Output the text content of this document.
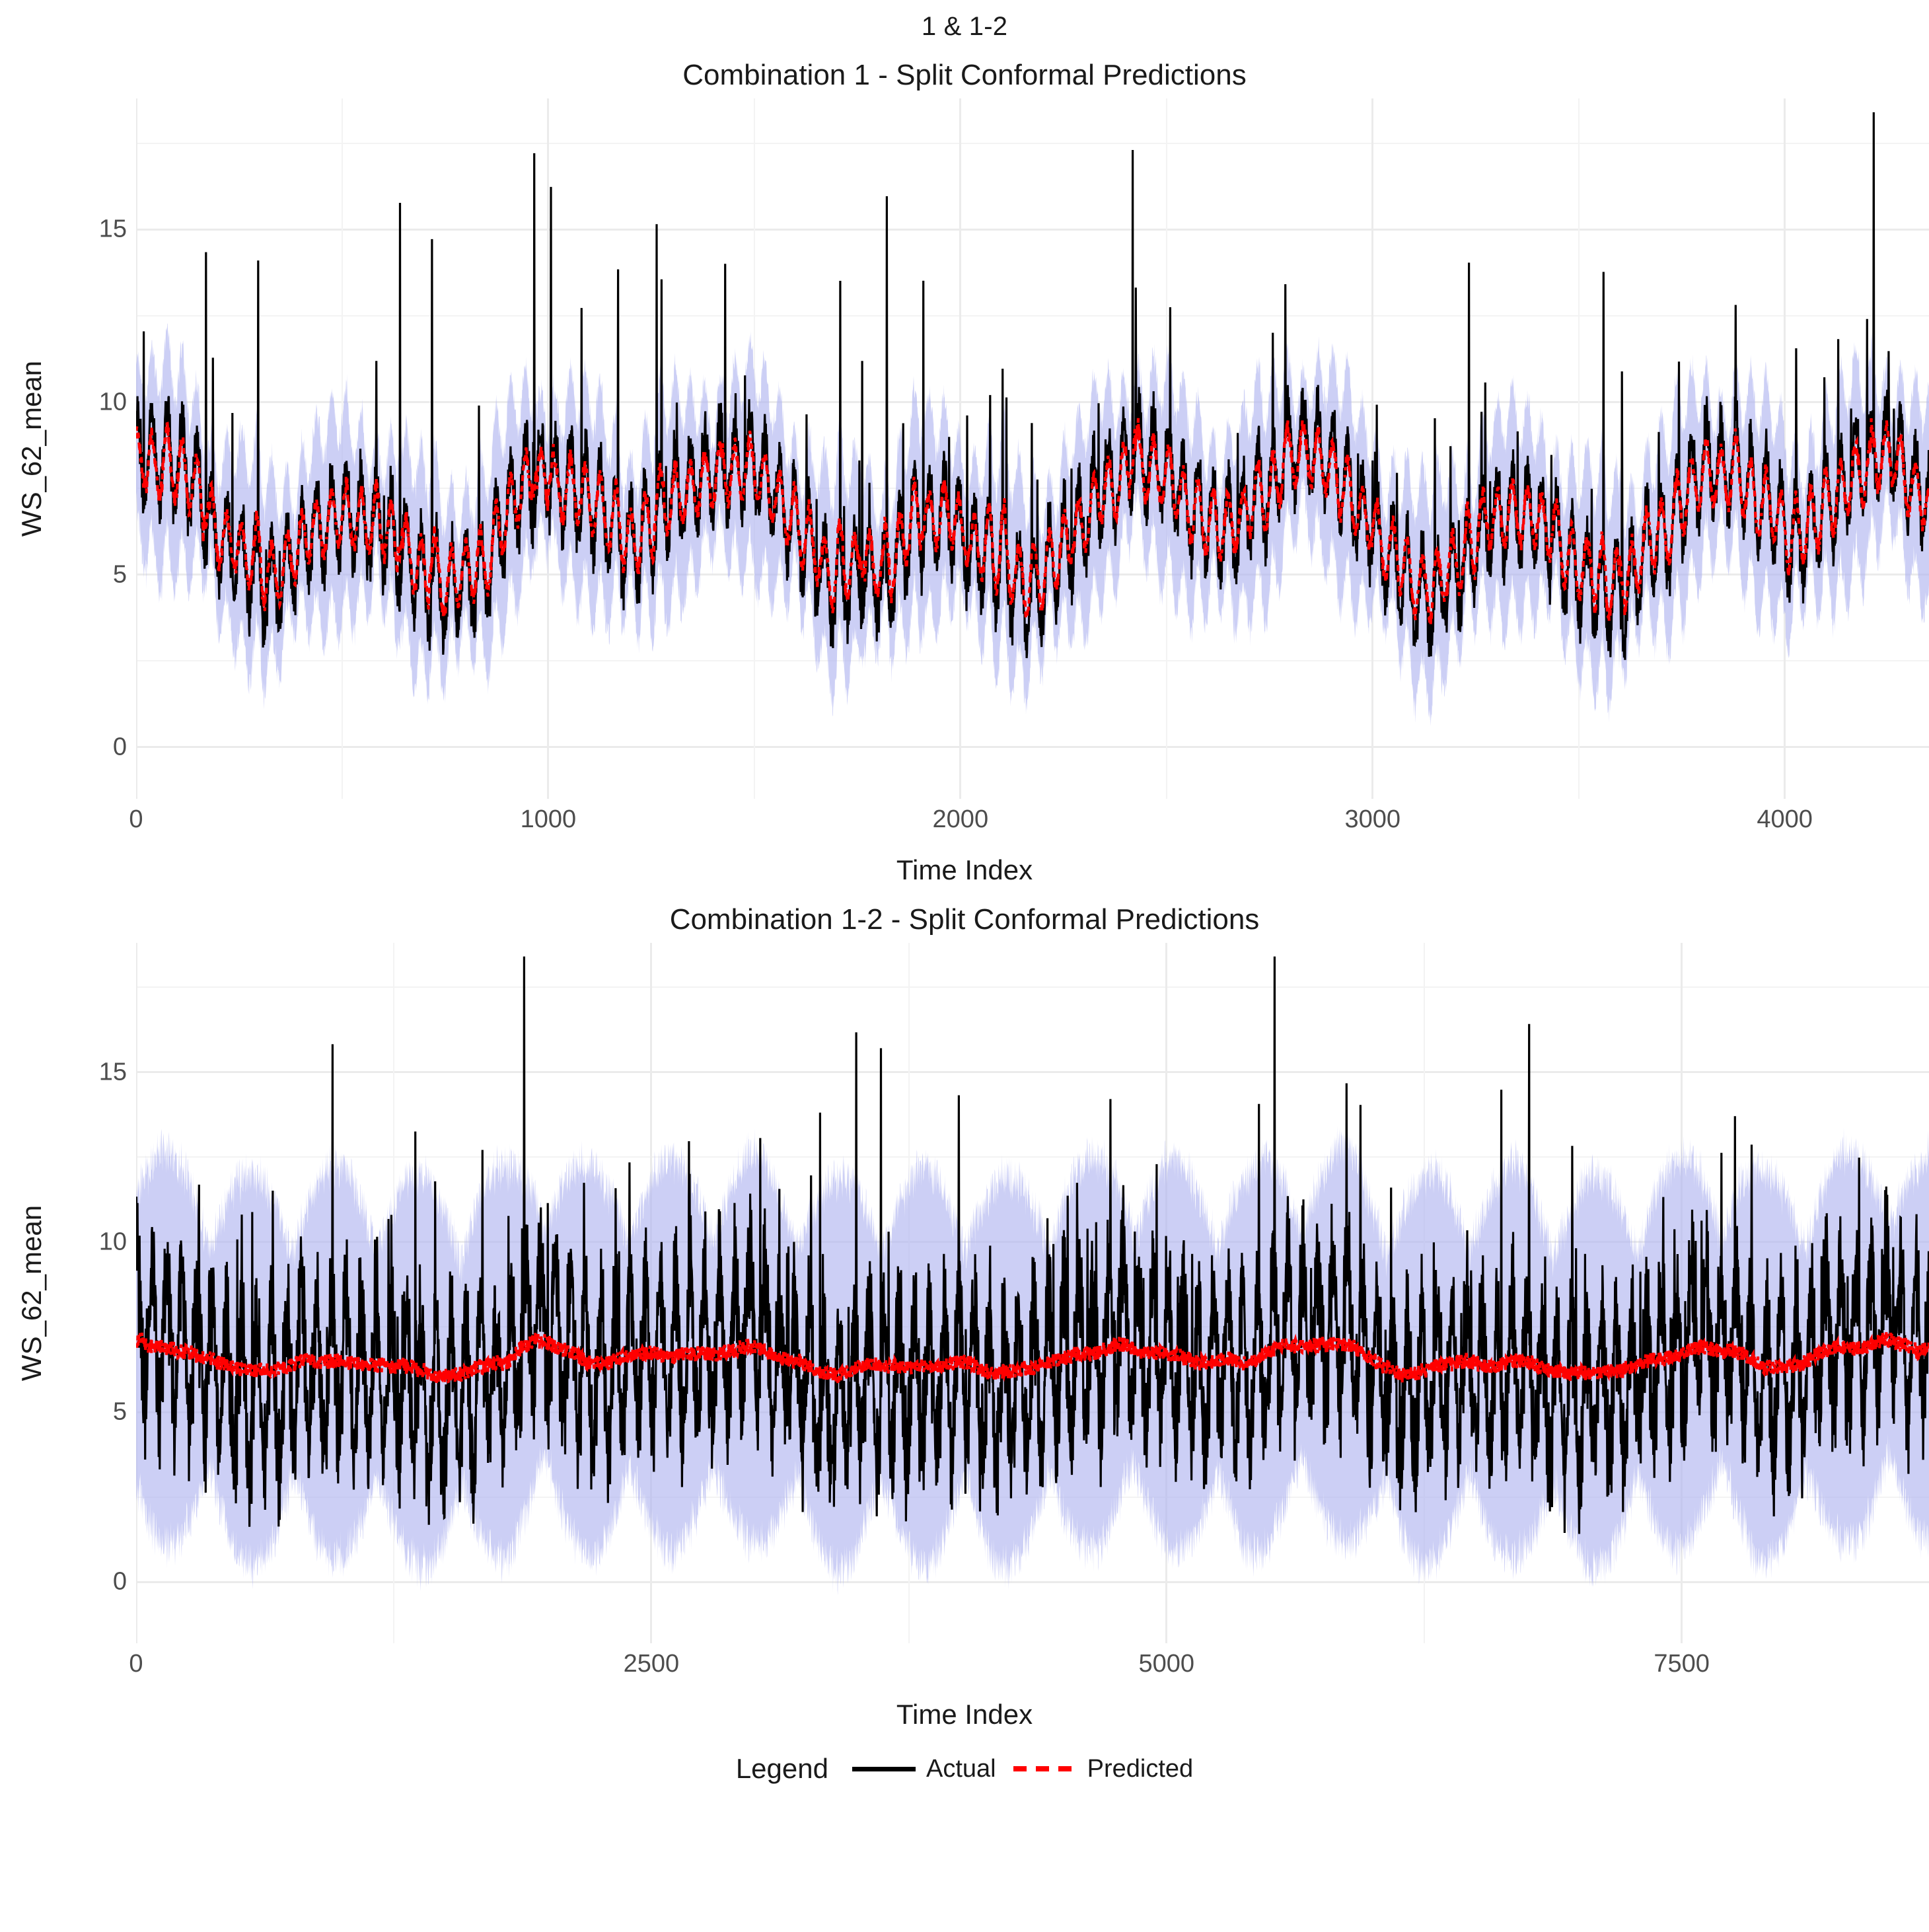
1 & 1-2
Combination 1 - Split Conformal Predictions
WS_62_mean
0
5
10
15
0	1000	2000	3000	4000
Time Index
Combination 1-2 - Split Conformal Predictions
WS_62_mean
0
5
10
15
0	2500	5000	7500
Time Index
Legend	Actual	Predicted
